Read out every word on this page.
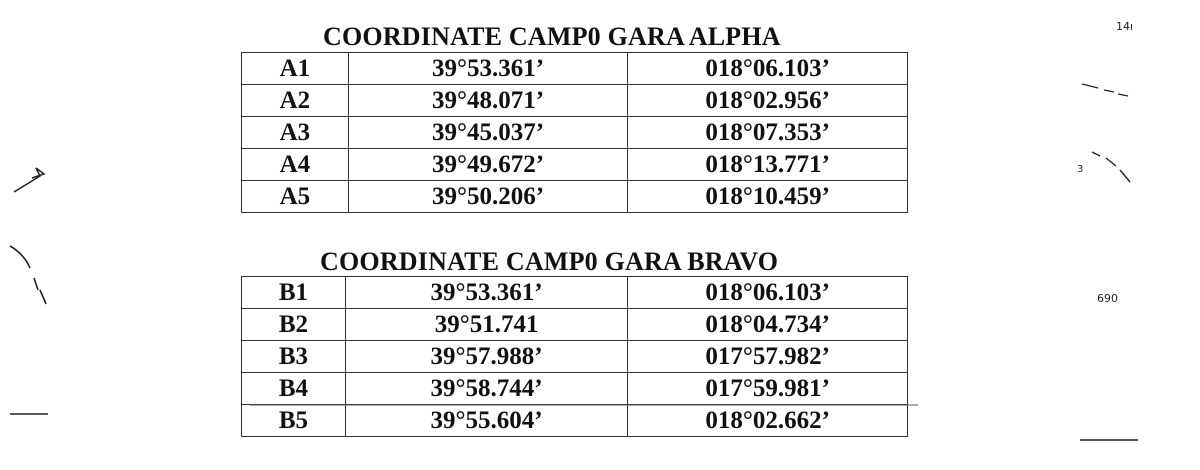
COORDINATE CAMP0 GARA ALPHA
A1	39°53.361’	018°06.103’
A2	39°48.071’	018°02.956’
A3	39°45.037’	018°07.353’
A4	39°49.672’	018°13.771’
A5	39°50.206’	018°10.459’
COORDINATE CAMP0 GARA BRAVO
B1	39°53.361’	018°06.103’
B2	39°51.741	018°04.734’
B3	39°57.988’	017°57.982’
B4	39°58.744’	017°59.981’
B5	39°55.604’	018°02.662’
14ı
3
690
